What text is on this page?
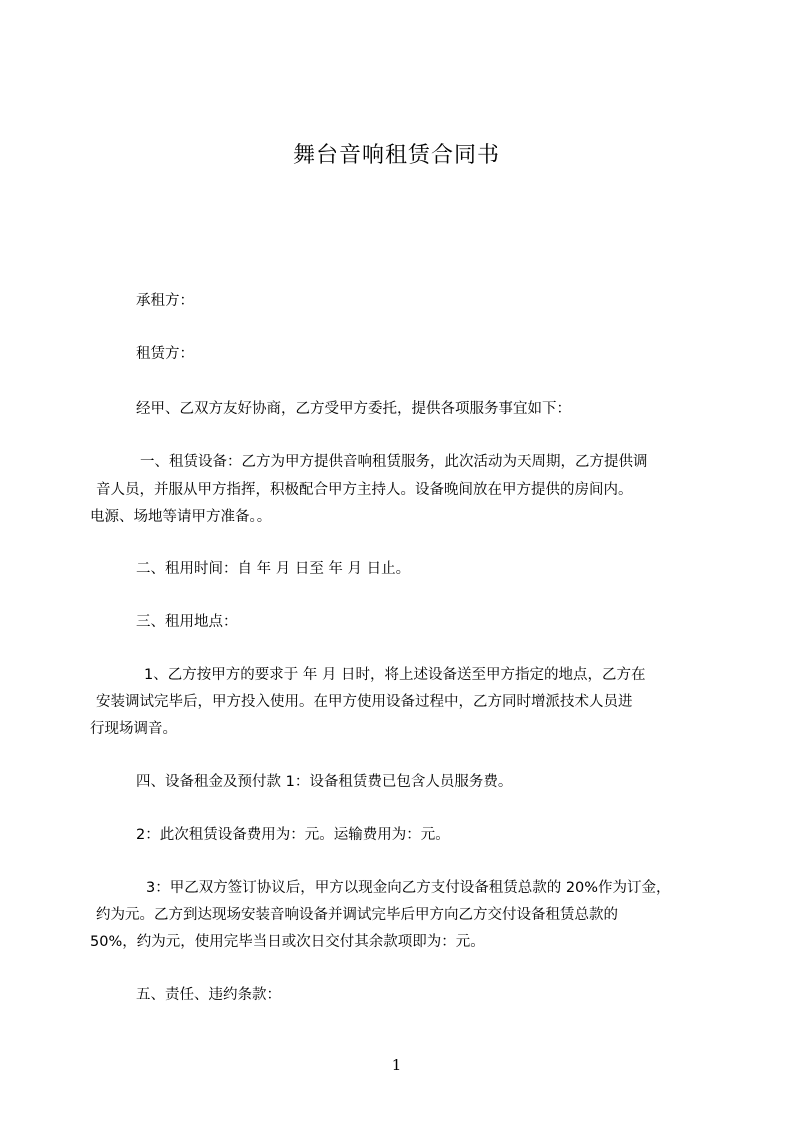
舞台音响租赁合同书
承租方：
租赁方：
经甲、乙双方友好协商，乙方受甲方委托，提供各项服务事宜如下：
一、租赁设备：乙方为甲方提供音响租赁服务，此次活动为天周期，乙方提供调
音人员，并服从甲方指挥，积极配合甲方主持人。设备晚间放在甲方提供的房间内。
电源、场地等请甲方准备。。
二、租用时间：自 年 月 日至 年 月 日止。
三、租用地点：
1、乙方按甲方的要求于 年 月 日时，将上述设备送至甲方指定的地点，乙方在
安装调试完毕后，甲方投入使用。在甲方使用设备过程中，乙方同时增派技术人员进
行现场调音。
四、设备租金及预付款 1：设备租赁费已包含人员服务费。
2：此次租赁设备费用为：元。运输费用为：元。
3：甲乙双方签订协议后，甲方以现金向乙方支付设备租赁总款的 20%作为订金，
约为元。乙方到达现场安装音响设备并调试完毕后甲方向乙方交付设备租赁总款的
50%，约为元，使用完毕当日或次日交付其余款项即为：元。
五、责任、违约条款：
1
